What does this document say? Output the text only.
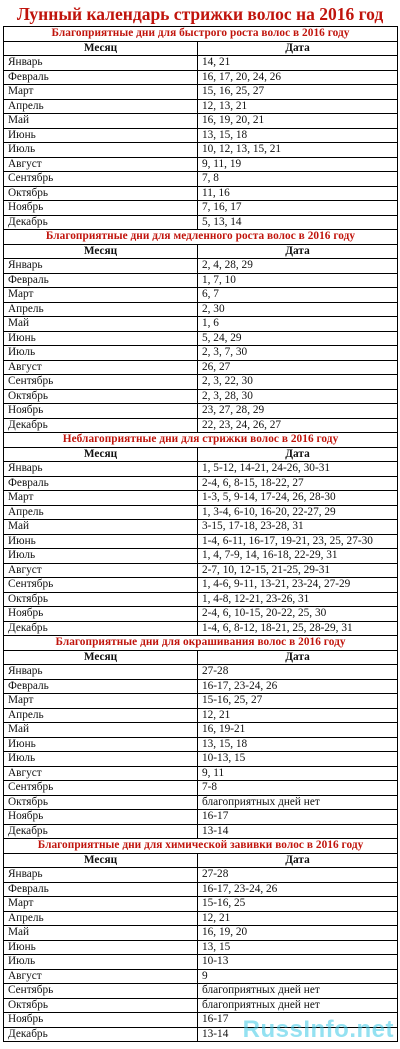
Лунный календарь стрижки волос на 2016 год
Благоприятные дни для быстрого роста волос в 2016 году	
Месяц	Дата
Январь	14, 21
Февраль	16, 17, 20, 24, 26
Март	15, 16, 25, 27
Апрель	12, 13, 21
Май	16, 19, 20, 21
Июнь	13, 15, 18
Июль	10, 12, 13, 15, 21
Август	9, 11, 19
Сентябрь	7, 8
Октябрь	11, 16
Ноябрь	7, 16, 17
Декабрь	5, 13, 14
Благоприятные дни для медленного роста волос в 2016 году	
Месяц	Дата
Январь	2, 4, 28, 29
Февраль	1, 7, 10
Март	6, 7
Апрель	2, 30
Май	1, 6
Июнь	5, 24, 29
Июль	2, 3, 7, 30
Август	26, 27
Сентябрь	2, 3, 22, 30
Октябрь	2, 3, 28, 30
Ноябрь	23, 27, 28, 29
Декабрь	22, 23, 24, 26, 27
Неблагоприятные дни для стрижки волос в 2016 году	
Месяц	Дата
Январь	1, 5-12, 14-21, 24-26, 30-31
Февраль	2-4, 6, 8-15, 18-22, 27
Март	1-3, 5, 9-14, 17-24, 26, 28-30
Апрель	1, 3-4, 6-10, 16-20, 22-27, 29
Май	3-15, 17-18, 23-28, 31
Июнь	1-4, 6-11, 16-17, 19-21, 23, 25, 27-30
Июль	1, 4, 7-9, 14, 16-18, 22-29, 31
Август	2-7, 10, 12-15, 21-25, 29-31
Сентябрь	1, 4-6, 9-11, 13-21, 23-24, 27-29
Октябрь	1, 4-8, 12-21, 23-26, 31
Ноябрь	2-4, 6, 10-15, 20-22, 25, 30
Декабрь	1-4, 6, 8-12, 18-21, 25, 28-29, 31
Благоприятные дни для окрашивания волос в 2016 году	
Месяц	Дата
Январь	27-28
Февраль	16-17, 23-24, 26
Март	15-16, 25, 27
Апрель	12, 21
Май	16, 19-21
Июнь	13, 15, 18
Июль	10-13, 15
Август	9, 11
Сентябрь	7-8
Октябрь	благоприятных дней нет
Ноябрь	16-17
Декабрь	13-14
Благоприятные дни для химической завивки волос в 2016 году	
Месяц	Дата
Январь	27-28
Февраль	16-17, 23-24, 26
Март	15-16, 25
Апрель	12, 21
Май	16, 19, 20
Июнь	13, 15
Июль	10-13
Август	9
Сентябрь	благоприятных дней нет
Октябрь	благоприятных дней нет
Ноябрь	16-17
Декабрь	13-14 RussInfo.net
